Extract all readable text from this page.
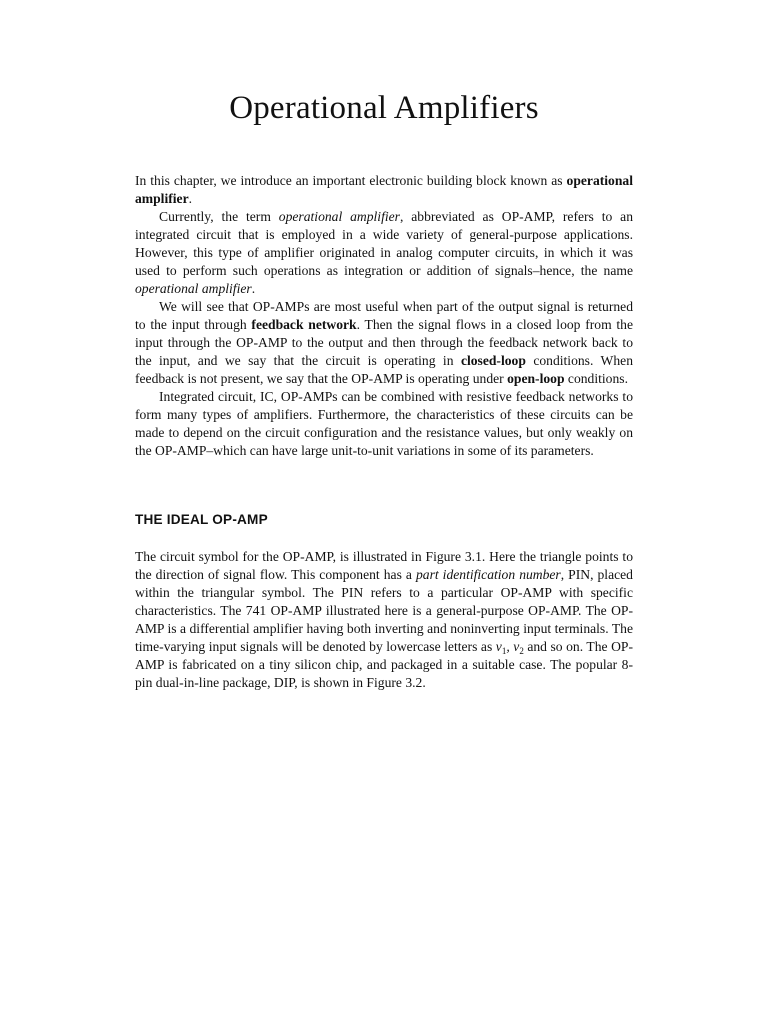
Operational Amplifiers

In this chapter, we introduce an important electronic building block known as operational amplifier.

Currently, the term operational amplifier, abbreviated as OP-AMP, refers to an integrated circuit that is employed in a wide variety of general-purpose applications. However, this type of amplifier originated in analog computer circuits, in which it was used to perform such operations as integration or addition of signals–hence, the name operational amplifier.

We will see that OP-AMPs are most useful when part of the output signal is returned to the input through feedback network. Then the signal flows in a closed loop from the input through the OP-AMP to the output and then through the feedback network back to the input, and we say that the circuit is operating in closed-loop conditions. When feedback is not present, we say that the OP-AMP is operating under open-loop conditions.

Integrated circuit, IC, OP-AMPs can be combined with resistive feedback networks to form many types of amplifiers. Furthermore, the characteristics of these circuits can be made to depend on the circuit configuration and the resistance values, but only weakly on the OP-AMP–which can have large unit-to-unit variations in some of its parameters.

THE IDEAL OP-AMP

The circuit symbol for the OP-AMP, is illustrated in Figure 3.1. Here the triangle points to the direction of signal flow. This component has a part identification number, PIN, placed within the triangular symbol. The PIN refers to a particular OP-AMP with specific characteristics. The 741 OP-AMP illustrated here is a general-purpose OP-AMP. The OP-AMP is a differential amplifier having both inverting and noninverting input terminals. The time-varying input signals will be denoted by lowercase letters as $v_1$, $v_2$ and so on. The OP-AMP is fabricated on a tiny silicon chip, and packaged in a suitable case. The popular 8-pin dual-in-line package, DIP, is shown in Figure 3.2.
